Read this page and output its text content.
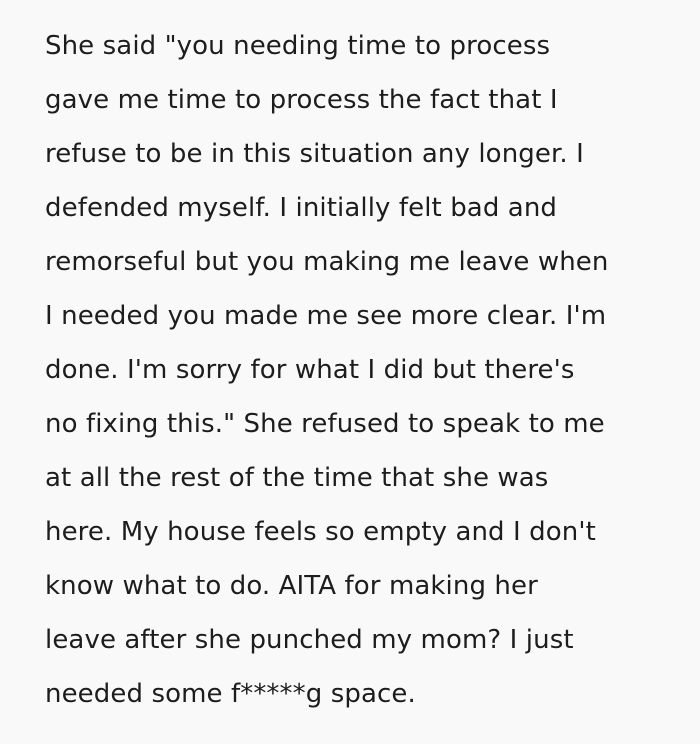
She said "you needing time to process

gave me time to process the fact that I

refuse to be in this situation any longer. I

defended myself. I initially felt bad and

remorseful but you making me leave when

I needed you made me see more clear. I'm

done. I'm sorry for what I did but there's

no fixing this." She refused to speak to me

at all the rest of the time that she was

here. My house feels so empty and I don't

know what to do. AITA for making her

leave after she punched my mom? I just

needed some f*****g space.
